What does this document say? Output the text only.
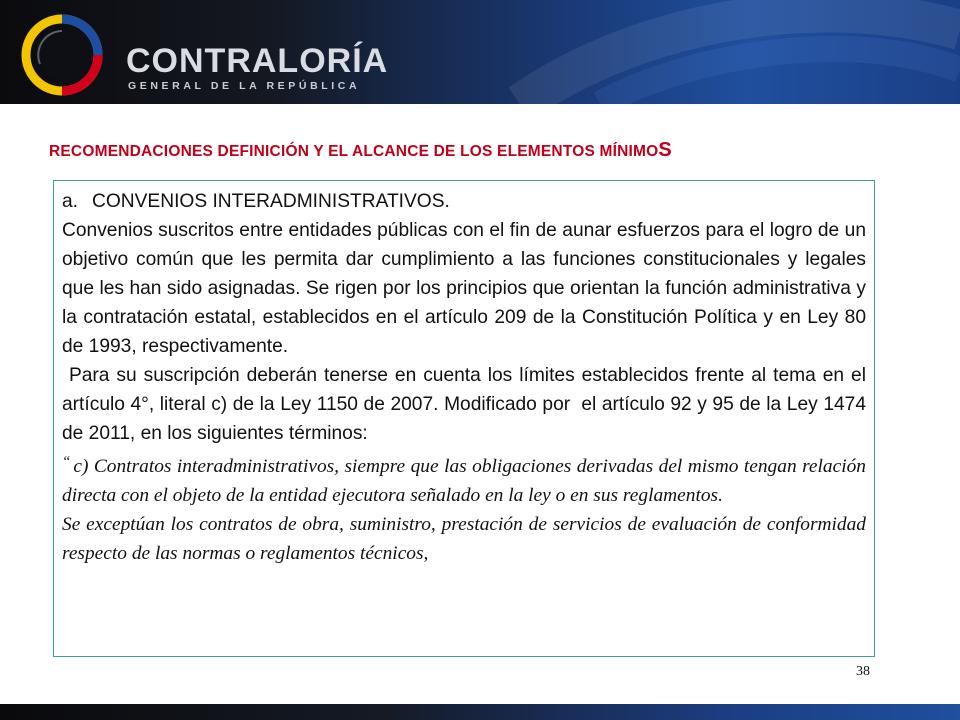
CONTRALORÍA
GENERAL DE LA REPÚBLICA
RECOMENDACIONES DEFINICIÓN Y EL ALCANCE DE LOS ELEMENTOS MÍNIMOS

a. CONVENIOS INTERADMINISTRATIVOS.

Convenios suscritos entre entidades públicas con el fin de aunar esfuerzos para el logro de un objetivo común que les permita dar cumplimiento a las funciones constitucionales y legales que les han sido asignadas. Se rigen por los principios que orientan la función administrativa y la contratación estatal, establecidos en el artículo 209 de la Constitución Política y en Ley 80 de 1993, respectivamente.

Para su suscripción deberán tenerse en cuenta los límites establecidos frente al tema en el artículo 4°, literal c) de la Ley 1150 de 2007. Modificado por  el artículo 92 y 95 de la Ley 1474 de 2011, en los siguientes términos:

“ c) Contratos interadministrativos, siempre que las obligaciones derivadas del mismo tengan relación directa con el objeto de la entidad ejecutora señalado en la ley o en sus reglamentos.

Se exceptúan los contratos de obra, suministro, prestación de servicios de evaluación de conformidad respecto de las normas o reglamentos técnicos,

38
